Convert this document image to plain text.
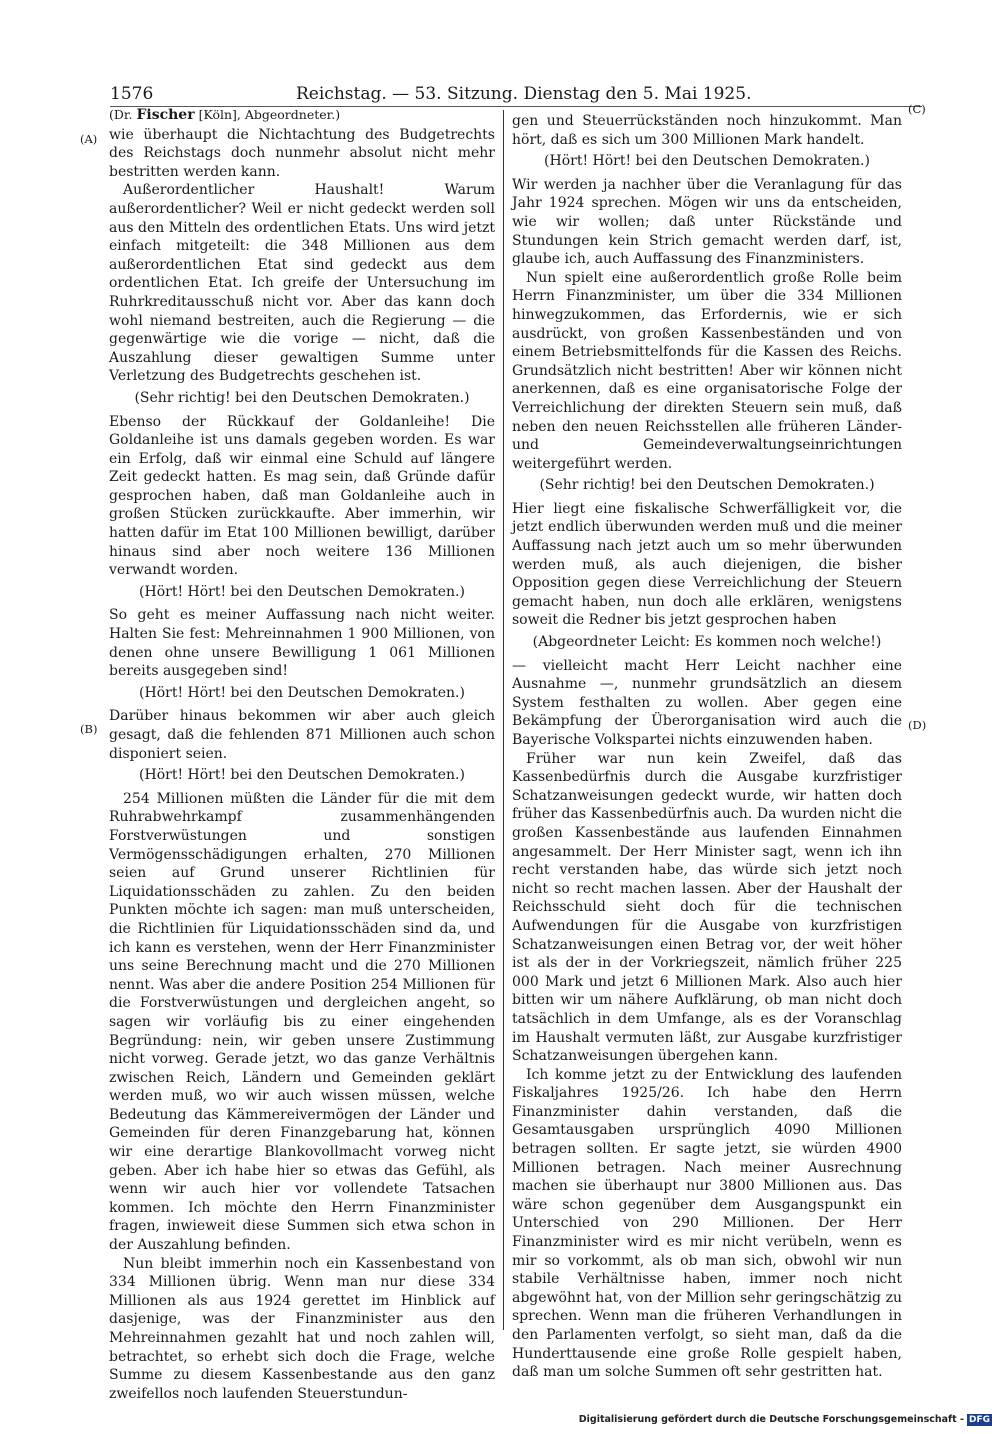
1576	Reichstag. — 53. Sitzung. Dienstag den 5. Mai 1925.
(A)
(B)
(C)
(D)

(Dr. Fischer [Köln], Abgeordneter.)

wie überhaupt die Nichtachtung des Budgetrechts des Reichstags doch nunmehr absolut nicht mehr bestritten werden kann.

Außerordentlicher Haushalt! Warum außerordentlicher? Weil er nicht gedeckt werden soll aus den Mitteln des ordentlichen Etats. Uns wird jetzt einfach mitgeteilt: die 348 Millionen aus dem außerordentlichen Etat sind gedeckt aus dem ordentlichen Etat. Ich greife der Untersuchung im Ruhrkreditausschuß nicht vor. Aber das kann doch wohl niemand bestreiten, auch die Regierung — die gegenwärtige wie die vorige — nicht, daß die Auszahlung dieser gewaltigen Summe unter Verletzung des Budgetrechts geschehen ist.

(Sehr richtig! bei den Deutschen Demokraten.)

Ebenso der Rückkauf der Goldanleihe! Die Goldanleihe ist uns damals gegeben worden. Es war ein Erfolg, daß wir einmal eine Schuld auf längere Zeit gedeckt hatten. Es mag sein, daß Gründe dafür gesprochen haben, daß man Goldanleihe auch in großen Stücken zurückkaufte. Aber immerhin, wir hatten dafür im Etat 100 Millionen bewilligt, darüber hinaus sind aber noch weitere 136 Millionen verwandt worden.

(Hört! Hört! bei den Deutschen Demokraten.)

So geht es meiner Auffassung nach nicht weiter. Halten Sie fest: Mehreinnahmen 1 900 Millionen, von denen ohne unsere Bewilligung 1 061 Millionen bereits ausgegeben sind!

(Hört! Hört! bei den Deutschen Demokraten.)

Darüber hinaus bekommen wir aber auch gleich gesagt, daß die fehlenden 871 Millionen auch schon disponiert seien.

(Hört! Hört! bei den Deutschen Demokraten.)

254 Millionen müßten die Länder für die mit dem Ruhrabwehrkampf zusammenhängenden Forstverwüstungen und sonstigen Vermögensschädigungen erhalten, 270 Millionen seien auf Grund unserer Richtlinien für Liquidationsschäden zu zahlen. Zu den beiden Punkten möchte ich sagen: man muß unterscheiden, die Richtlinien für Liquidationsschäden sind da, und ich kann es verstehen, wenn der Herr Finanzminister uns seine Berechnung macht und die 270 Millionen nennt. Was aber die andere Position 254 Millionen für die Forstverwüstungen und dergleichen angeht, so sagen wir vorläufig bis zu einer eingehenden Begründung: nein, wir geben unsere Zustimmung nicht vorweg. Gerade jetzt, wo das ganze Verhältnis zwischen Reich, Ländern und Gemeinden geklärt werden muß, wo wir auch wissen müssen, welche Bedeutung das Kämmereivermögen der Länder und Gemeinden für deren Finanzgebarung hat, können wir eine derartige Blankovollmacht vorweg nicht geben. Aber ich habe hier so etwas das Gefühl, als wenn wir auch hier vor vollendete Tatsachen kommen. Ich möchte den Herrn Finanzminister fragen, inwieweit diese Summen sich etwa schon in der Auszahlung befinden.

Nun bleibt immerhin noch ein Kassenbestand von 334 Millionen übrig. Wenn man nur diese 334 Millionen als aus 1924 gerettet im Hinblick auf dasjenige, was der Finanzminister aus den Mehreinnahmen gezahlt hat und noch zahlen will, betrachtet, so erhebt sich doch die Frage, welche Summe zu diesem Kassenbestande aus den ganz zweifellos noch laufenden Steuerstundun-

gen und Steuerrückständen noch hinzukommt. Man hört, daß es sich um 300 Millionen Mark handelt.

(Hört! Hört! bei den Deutschen Demokraten.)

Wir werden ja nachher über die Veranlagung für das Jahr 1924 sprechen. Mögen wir uns da entscheiden, wie wir wollen; daß unter Rückstände und Stundungen kein Strich gemacht werden darf, ist, glaube ich, auch Auffassung des Finanzministers.

Nun spielt eine außerordentlich große Rolle beim Herrn Finanzminister, um über die 334 Millionen hinwegzukommen, das Erfordernis, wie er sich ausdrückt, von großen Kassenbeständen und von einem Betriebsmittelfonds für die Kassen des Reichs. Grundsätzlich nicht bestritten! Aber wir können nicht anerkennen, daß es eine organisatorische Folge der Verreichlichung der direkten Steuern sein muß, daß neben den neuen Reichsstellen alle früheren Länder- und Gemeindeverwaltungseinrichtungen weitergeführt werden.

(Sehr richtig! bei den Deutschen Demokraten.)

Hier liegt eine fiskalische Schwerfälligkeit vor, die jetzt endlich überwunden werden muß und die meiner Auffassung nach jetzt auch um so mehr überwunden werden muß, als auch diejenigen, die bisher Opposition gegen diese Verreichlichung der Steuern gemacht haben, nun doch alle erklären, wenigstens soweit die Redner bis jetzt gesprochen haben

(Abgeordneter Leicht: Es kommen noch welche!)

— vielleicht macht Herr Leicht nachher eine Ausnahme —, nunmehr grundsätzlich an diesem System festhalten zu wollen. Aber gegen eine Bekämpfung der Überorganisation wird auch die Bayerische Volkspartei nichts einzuwenden haben.

Früher war nun kein Zweifel, daß das Kassenbedürfnis durch die Ausgabe kurzfristiger Schatzanweisungen gedeckt wurde, wir hatten doch früher das Kassenbedürfnis auch. Da wurden nicht die großen Kassenbestände aus laufenden Einnahmen angesammelt. Der Herr Minister sagt, wenn ich ihn recht verstanden habe, das würde sich jetzt noch nicht so recht machen lassen. Aber der Haushalt der Reichsschuld sieht doch für die technischen Aufwendungen für die Ausgabe von kurzfristigen Schatzanweisungen einen Betrag vor, der weit höher ist als der in der Vorkriegszeit, nämlich früher 225 000 Mark und jetzt 6 Millionen Mark. Also auch hier bitten wir um nähere Aufklärung, ob man nicht doch tatsächlich in dem Umfange, als es der Voranschlag im Haushalt vermuten läßt, zur Ausgabe kurzfristiger Schatzanweisungen übergehen kann.

Ich komme jetzt zu der Entwicklung des laufenden Fiskaljahres 1925/26. Ich habe den Herrn Finanzminister dahin verstanden, daß die Gesamtausgaben ursprünglich 4090 Millionen betragen sollten. Er sagte jetzt, sie würden 4900 Millionen betragen. Nach meiner Ausrechnung machen sie überhaupt nur 3800 Millionen aus. Das wäre schon gegenüber dem Ausgangspunkt ein Unterschied von 290 Millionen. Der Herr Finanzminister wird es mir nicht verübeln, wenn es mir so vorkommt, als ob man sich, obwohl wir nun stabile Verhältnisse haben, immer noch nicht abgewöhnt hat, von der Million sehr geringschätzig zu sprechen. Wenn man die früheren Verhandlungen in den Parlamenten verfolgt, so sieht man, daß da die Hunderttausende eine große Rolle gespielt haben, daß man um solche Summen oft sehr gestritten hat.

Digitalisierung gefördert durch die Deutsche Forschungsgemeinschaft - DFG
